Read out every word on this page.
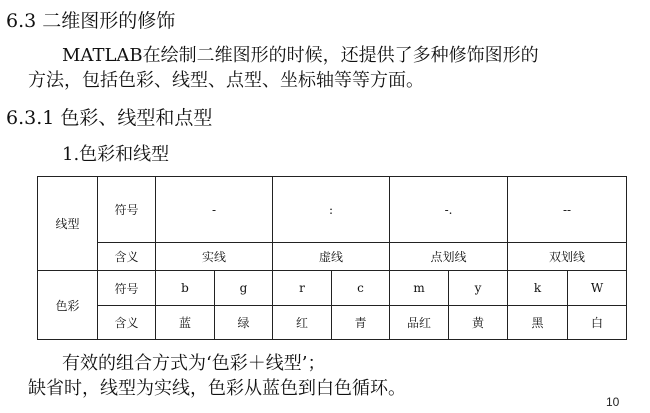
6.3 二维图形的修饰
MATLAB在绘制二维图形的时候，还提供了多种修饰图形的
方法，包括色彩、线型、点型、坐标轴等等方面。
6.3.1 色彩、线型和点型
1.色彩和线型
线型	符号	-		:		-.		--	
	含义	实线		虚线		点划线		双划线	
色彩	符号	b	g	r	c	m	y	k	W
	含义	蓝	绿	红	青	品红	黄	黑	白
有效的组合方式为‘色彩＋线型’；
缺省时，线型为实线，色彩从蓝色到白色循环。
10
